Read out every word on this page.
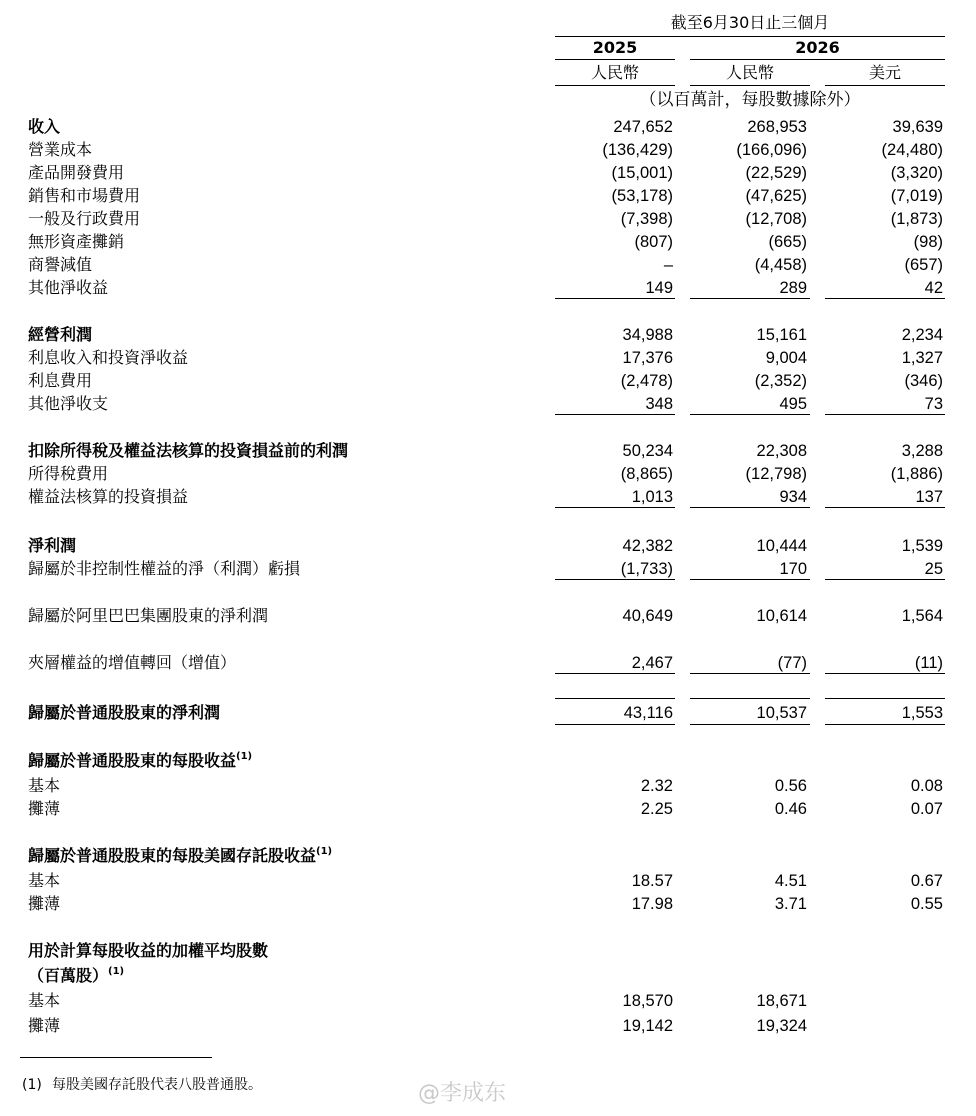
截至6月30日止三個月
2025	2026
人民幣	人民幣	美元
（以百萬計，每股數據除外）
收入	247,652	268,953	39,639
營業成本	(136,429)	(166,096)	(24,480)
產品開發費用	(15,001)	(22,529)	(3,320)
銷售和市場費用	(53,178)	(47,625)	(7,019)
一般及行政費用	(7,398)	(12,708)	(1,873)
無形資產攤銷	(807)	(665)	(98)
商譽減值	–	(4,458)	(657)
其他淨收益	149	289	42
經營利潤	34,988	15,161	2,234
利息收入和投資淨收益	17,376	9,004	1,327
利息費用	(2,478)	(2,352)	(346)
其他淨收支	348	495	73
扣除所得稅及權益法核算的投資損益前的利潤	50,234	22,308	3,288
所得稅費用	(8,865)	(12,798)	(1,886)
權益法核算的投資損益	1,013	934	137
淨利潤	42,382	10,444	1,539
歸屬於非控制性權益的淨（利潤）虧損	(1,733)	170	25
歸屬於阿里巴巴集團股東的淨利潤	40,649	10,614	1,564
夾層權益的增值轉回（增值）	2,467	(77)	(11)
歸屬於普通股股東的淨利潤	43,116	10,537	1,553
歸屬於普通股股東的每股收益$^{(1)}$
基本	2.32	0.56	0.08
攤薄	2.25	0.46	0.07
歸屬於普通股股東的每股美國存託股收益$^{(1)}$
基本	18.57	4.51	0.67
攤薄	17.98	3.71	0.55
用於計算每股收益的加權平均股數
（百萬股）$^{(1)}$
基本	18,570	18,671
攤薄	19,142	19,324
(1) 每股美國存託股代表八股普通股。	@李成东
